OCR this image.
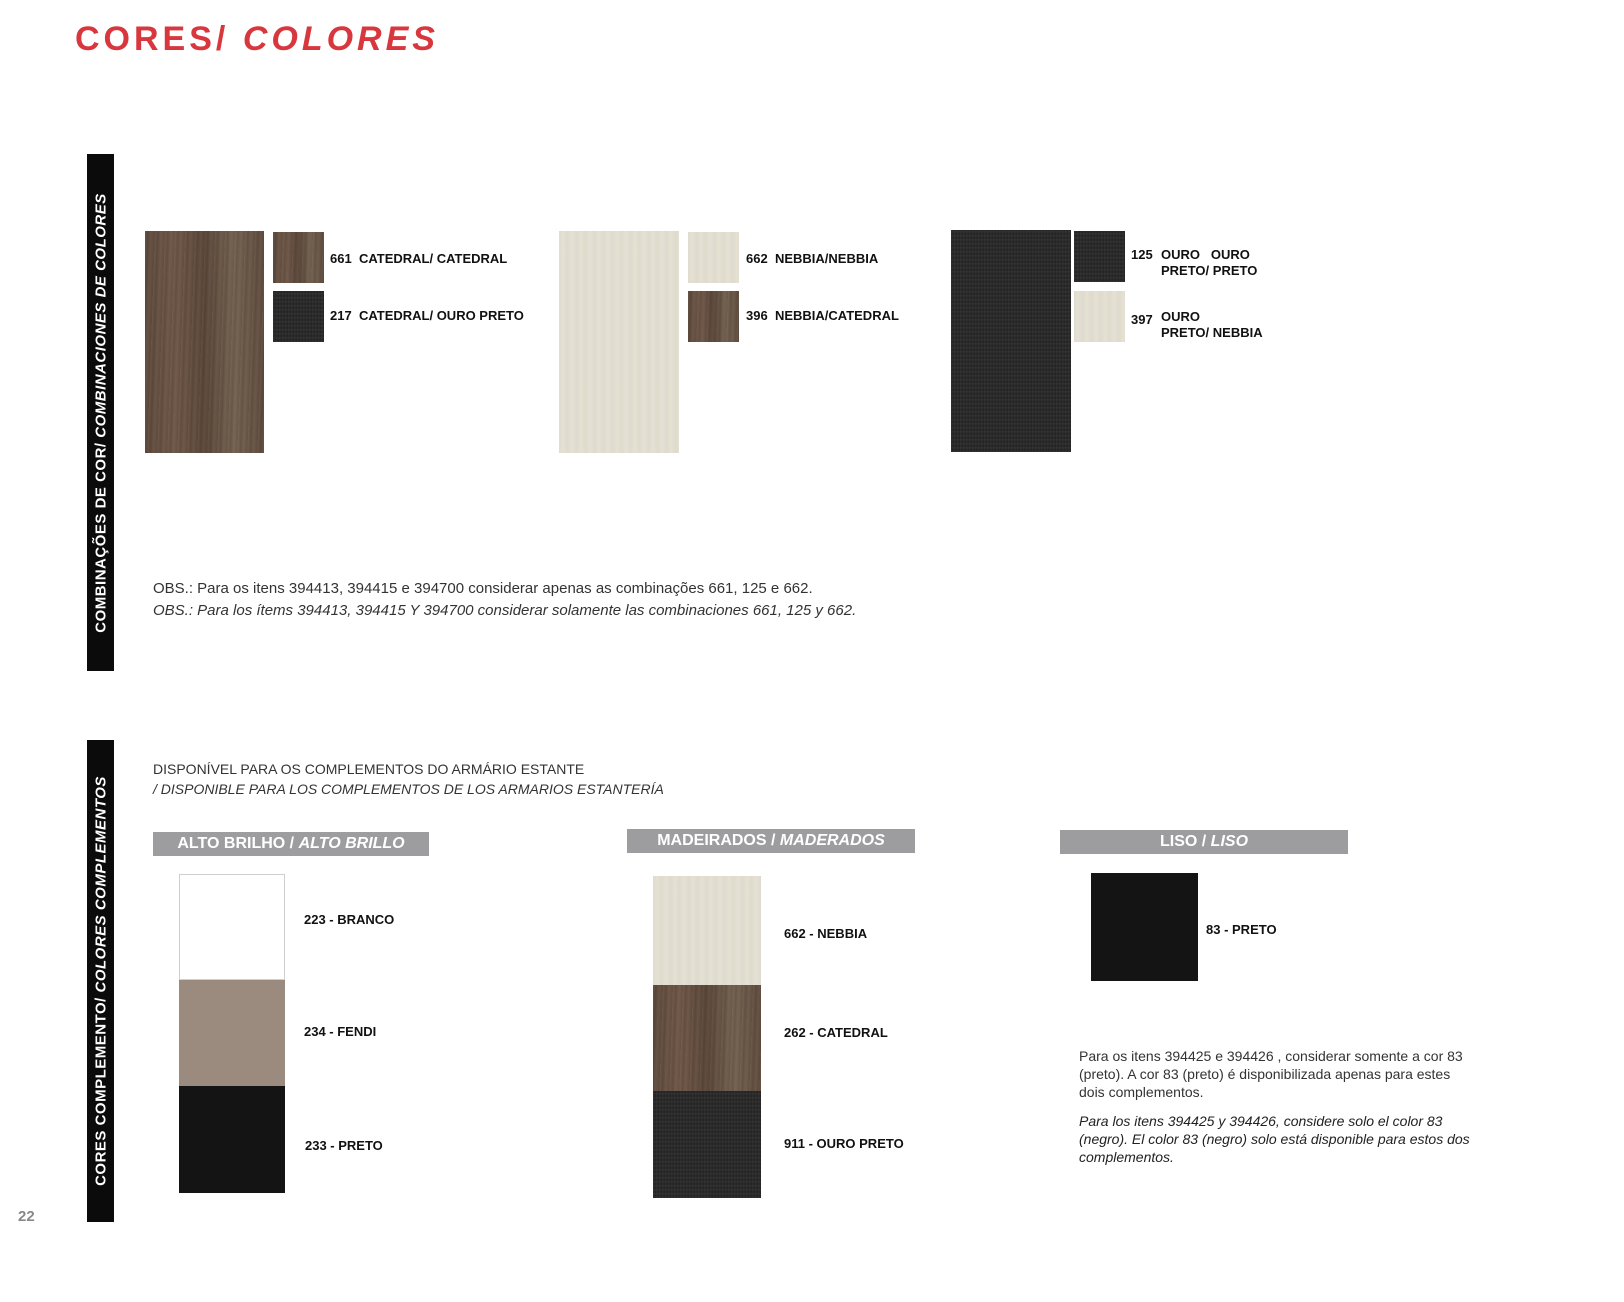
CORES/ COLORES
COMBINAÇÕES DE COR/ COMBINACIONES DE COLORES	661 CATEDRAL/ CATEDRAL
217 CATEDRAL/ OURO PRETO
662 NEBBIA/NEBBIA
396 NEBBIA/CATEDRAL
125 OURO   OURO
PRETO/ PRETO
397 OURO
PRETO/ NEBBIA
OBS.: Para os itens 394413, 394415 e 394700 considerar apenas as combinações 661, 125 e 662.
OBS.: Para los ítems 394413, 394415 Y 394700 considerar solamente las combinaciones 661, 125 y 662.
CORES COMPLEMENTO/ COLORES COMPLEMENTOS
DISPONÍVEL PARA OS COMPLEMENTOS DO ARMÁRIO ESTANTE
/ DISPONIBLE PARA LOS COMPLEMENTOS DE LOS ARMARIOS ESTANTERÍA
ALTO BRILHO / ALTO BRILLO	MADEIRADOS / MADERADOS	LISO / LISO
223 - BRANCO
234 - FENDI
233 - PRETO
662 - NEBBIA
262 - CATEDRAL
911 - OURO PRETO
83 - PRETO
Para os itens 394425 e 394426 , considerar somente a cor 83 (preto). A cor 83 (preto) é disponibilizada apenas para estes dois complementos.
Para los itens 394425 y 394426, considere solo el color 83 (negro). El color 83 (negro) solo está disponible para estos dos complementos.
22
